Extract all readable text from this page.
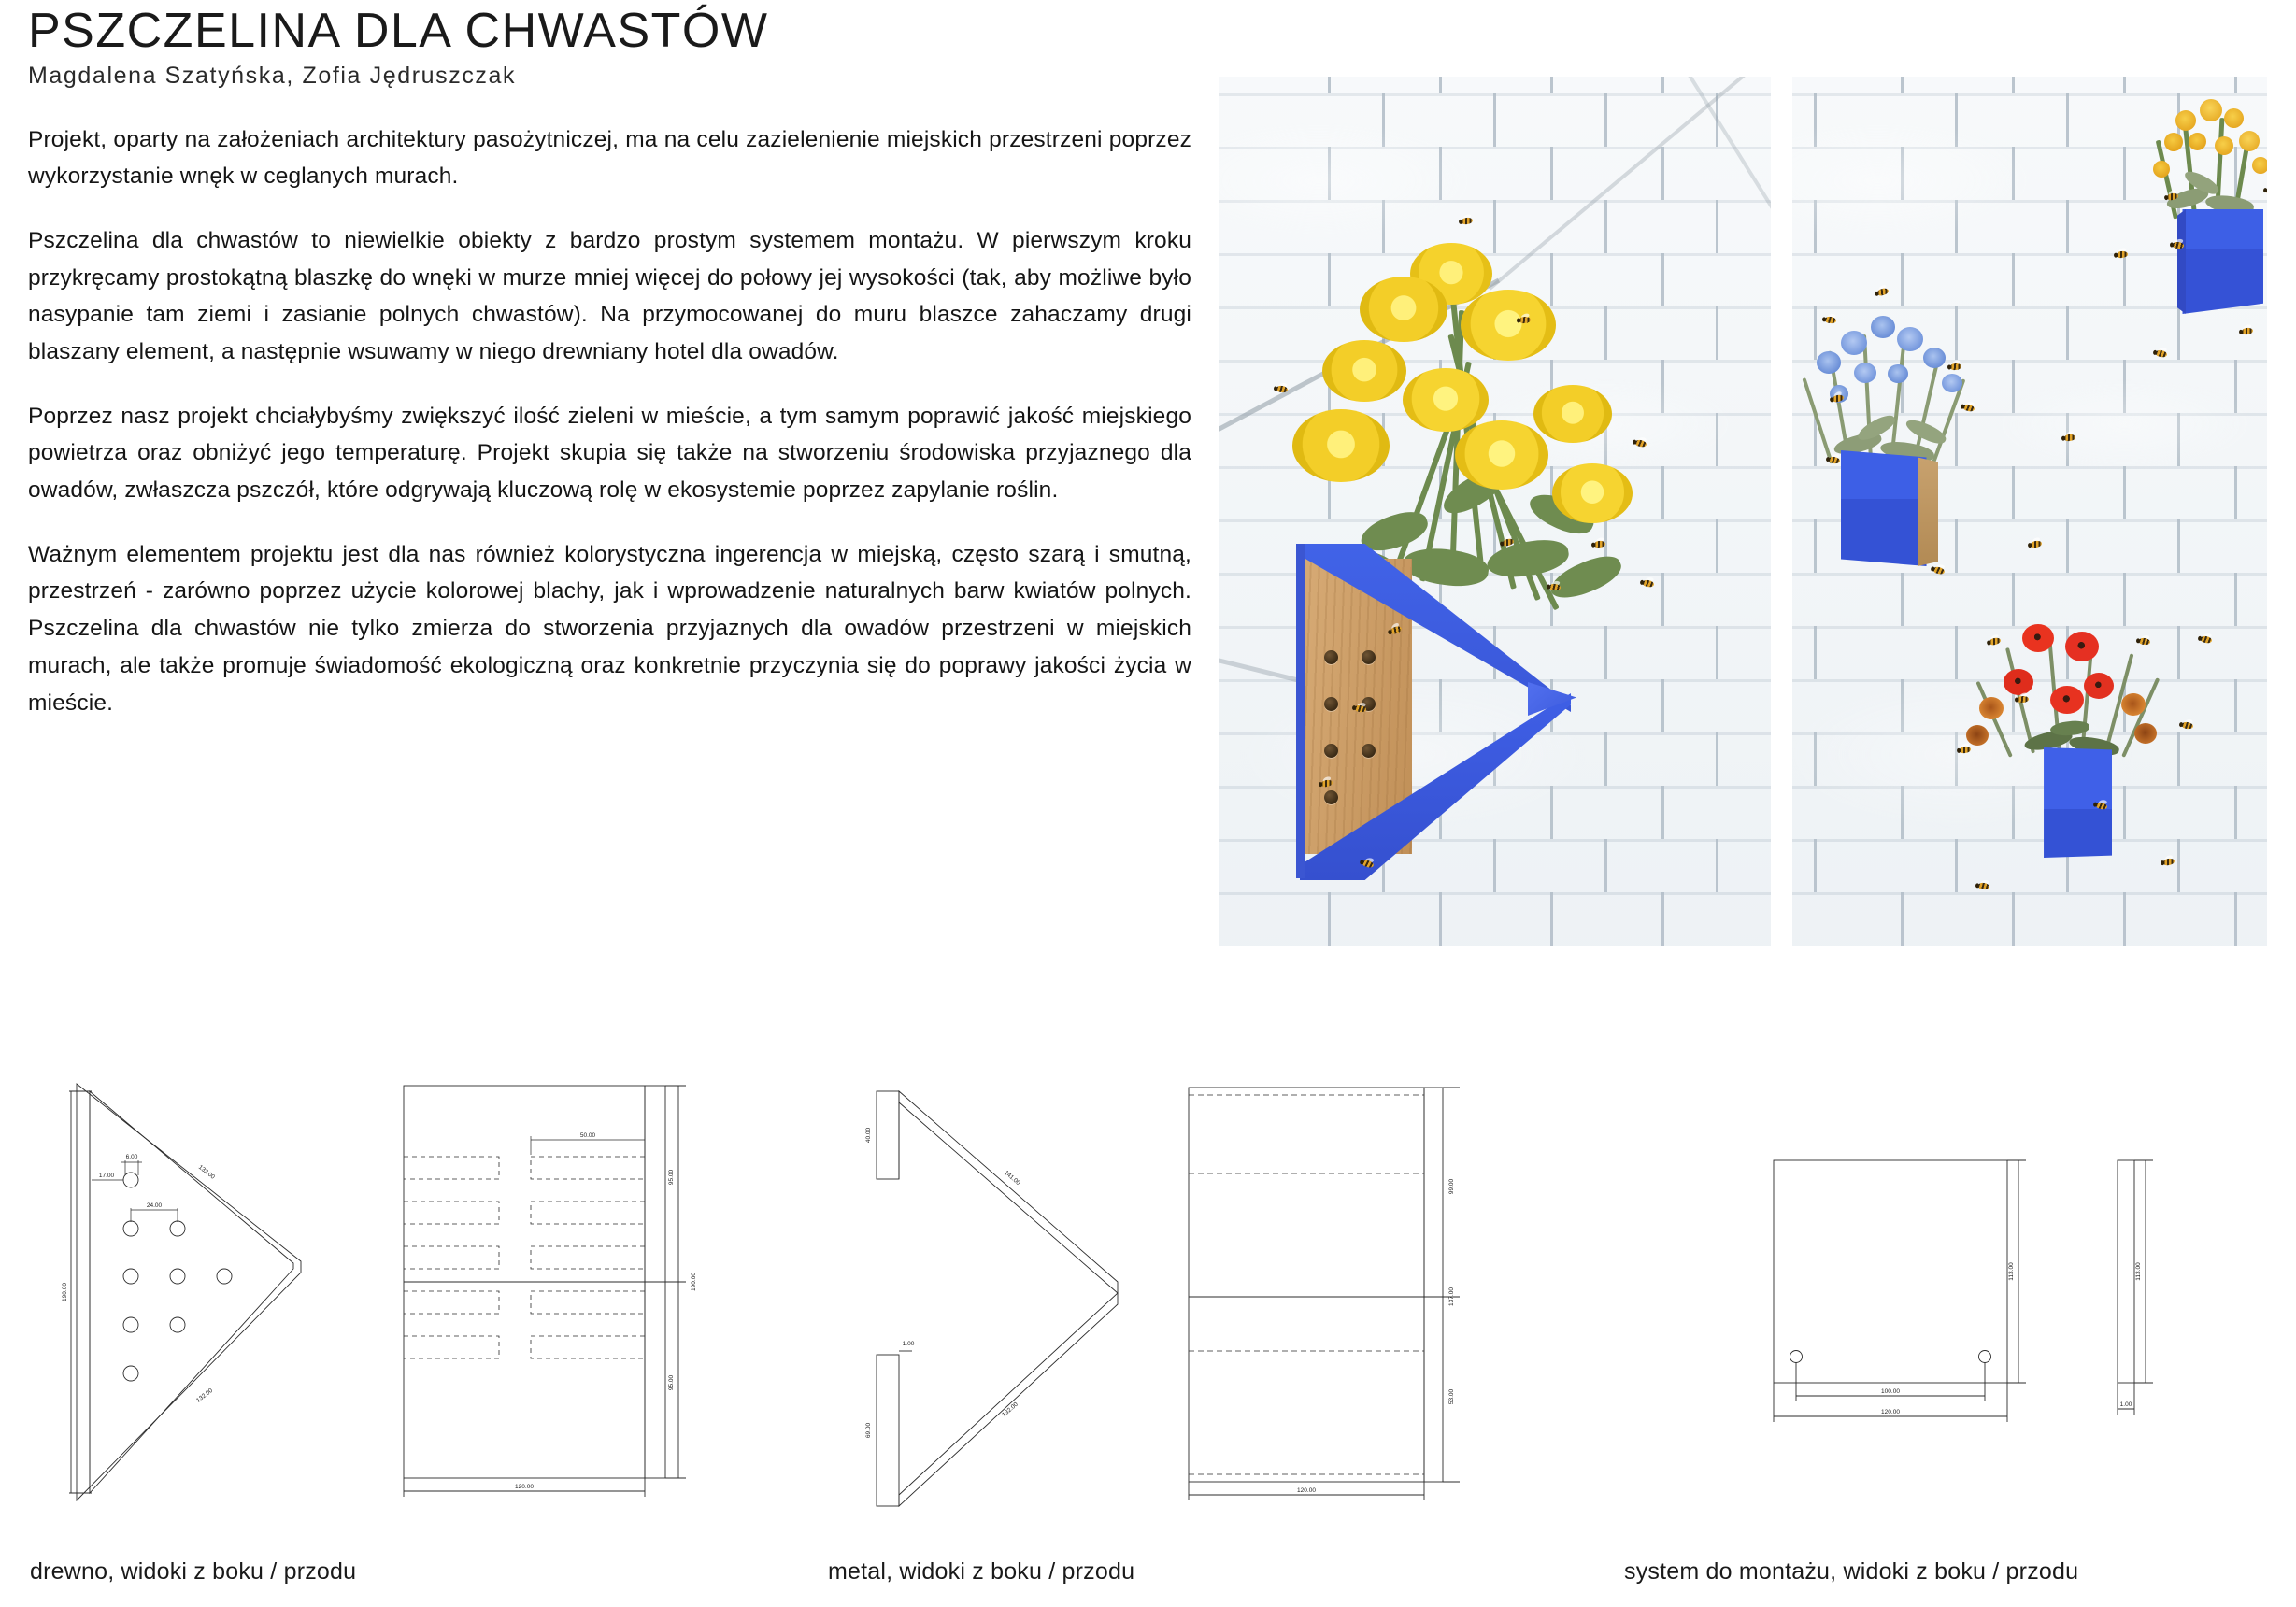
PSZCZELINA DLA CHWASTÓW
Magdalena Szatyńska, Zofia Jędruszczak

Projekt, oparty na założeniach architektury pasożytniczej, ma na celu zazielenienie miejskich przestrzeni poprzez wykorzystanie wnęk w ceglanych murach.

Pszczelina dla chwastów to niewielkie obiekty z bardzo prostym systemem montażu. W pierwszym kroku przykręcamy prostokątną blaszkę do wnęki w murze mniej więcej do połowy jej wysokości (tak, aby możliwe było nasypanie tam ziemi i zasianie polnych chwastów). Na przymocowanej do muru blaszce zahaczamy drugi blaszany element, a następnie wsuwamy w niego drewniany hotel dla owadów.

Poprzez nasz projekt chciałybyśmy zwiększyć ilość zieleni w mieście, a tym samym poprawić jakość miejskiego powietrza oraz obniżyć jego temperaturę. Projekt skupia się także na stworzeniu środowiska przyjaznego dla owadów, zwłaszcza pszczół, które odgrywają kluczową rolę w ekosystemie poprzez zapylanie roślin.

Ważnym elementem projektu jest dla nas również kolorystyczna ingerencja w miejską, często szarą i smutną, przestrzeń - zarówno poprzez użycie kolorowej blachy, jak i wprowadzenie naturalnych barw kwiatów polnych. Pszczelina dla chwastów nie tylko zmierza do stworzenia przyjaznych dla owadów przestrzeni w miejskich murach, ale także promuje świadomość ekologiczną oraz konkretnie przyczynia się do poprawy jakości życia w mieście.

6.00
17.00
24.00
190.00
132.00
132.00
50.00
95.00
190.00
95.00
120.00
40.00
1.00
69.00
141.00
132.00
99.00
137.00
53.00
120.00
113.00
100.00
120.00
113.00
1.00
drewno, widoki z boku / przodu	metal, widoki z boku / przodu	system do montażu, widoki z boku / przodu
